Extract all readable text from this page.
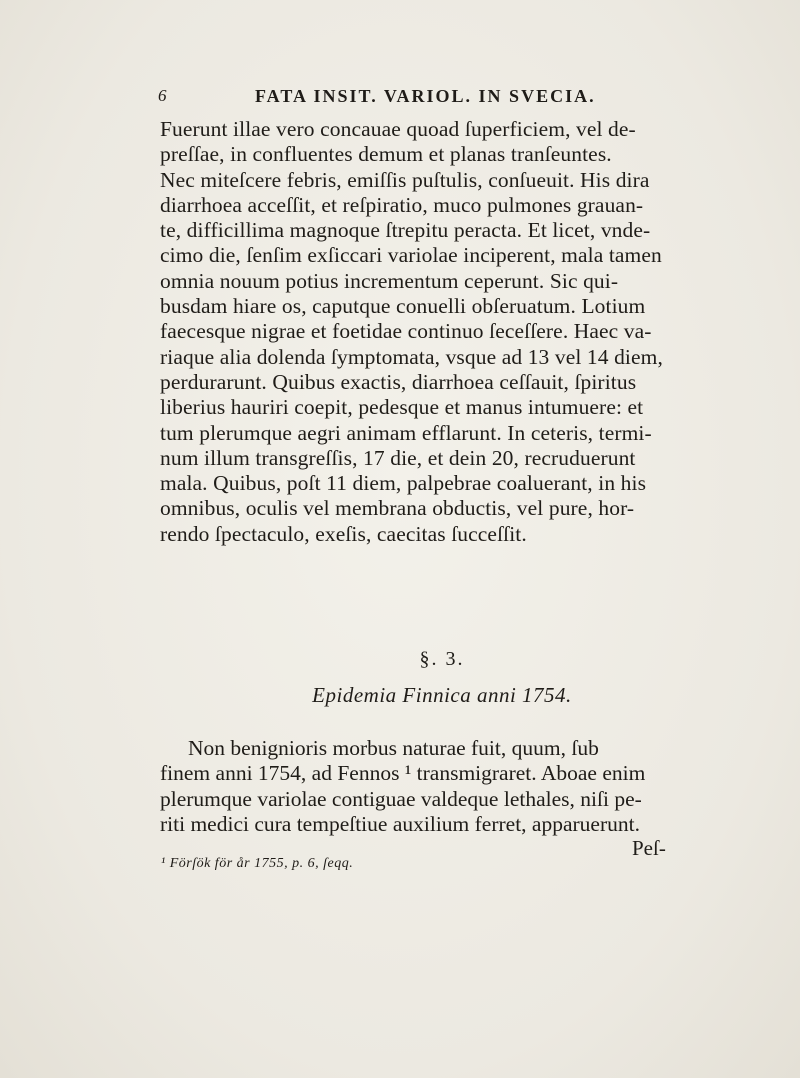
6	FATA INSIT. VARIOL. IN SVECIA.
Fuerunt illae vero concauae quoad ſuperficiem, vel de-
preſſae, in confluentes demum et planas tranſeuntes.
Nec miteſcere febris, emiſſis puſtulis, conſueuit. His dira
diarrhoea acceſſit, et reſpiratio, muco pulmones grauan-
te, difficillima magnoque ſtrepitu peracta. Et licet, vnde-
cimo die, ſenſim exſiccari variolae inciperent, mala tamen
omnia nouum potius incrementum ceperunt. Sic qui-
busdam hiare os, caputque conuelli obſeruatum. Lotium
faecesque nigrae et foetidae continuo ſeceſſere. Haec va-
riaque alia dolenda ſymptomata, vsque ad 13 vel 14 diem,
perdurarunt. Quibus exactis, diarrhoea ceſſauit, ſpiritus
liberius hauriri coepit, pedesque et manus intumuere: et
tum plerumque aegri animam efflarunt. In ceteris, termi-
num illum transgreſſis, 17 die, et dein 20, recruduerunt
mala. Quibus, poſt 11 diem, palpebrae coaluerant, in his
omnibus, oculis vel membrana obductis, vel pure, hor-
rendo ſpectaculo, exeſis, caecitas ſucceſſit.
§. 3.
Epidemia Finnica anni 1754.
Non benignioris morbus naturae fuit, quum, ſub
finem anni 1754, ad Fennos ¹ transmigraret. Aboae enim
plerumque variolae contiguae valdeque lethales, niſi pe-
riti medici cura tempeſtiue auxilium ferret, apparuerunt.
Peſ-
¹ Förſök för år 1755, p. 6, ſeqq.
